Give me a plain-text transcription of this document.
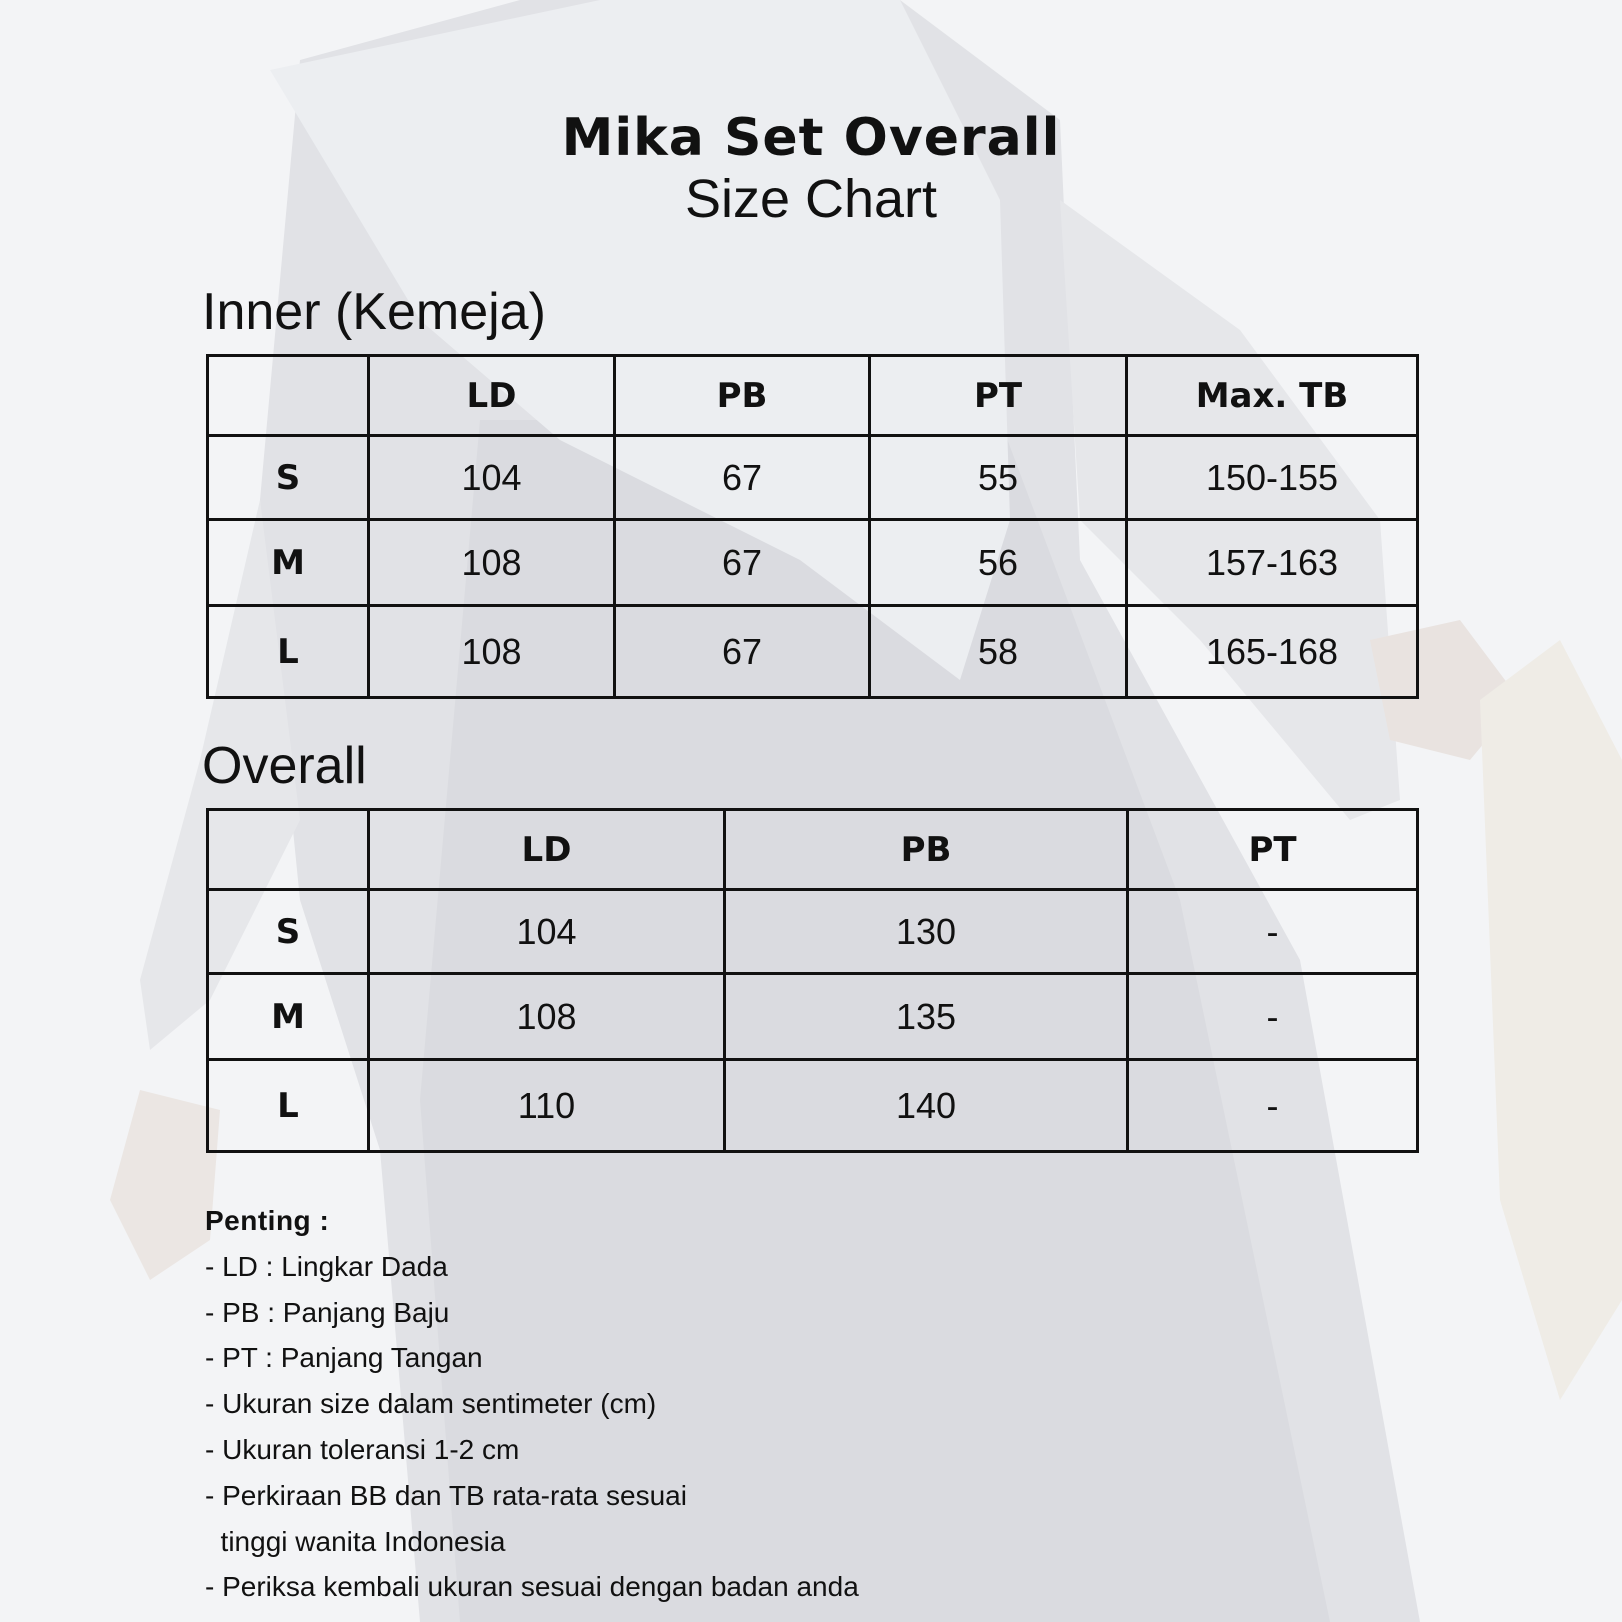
Mika Set Overall
Size Chart
Inner (Kemeja)
	LD	PB	PT	Max. TB
S	104	67	55	150-155
M	108	67	56	157-163
L	108	67	58	165-168
Overall
	LD	PB	PT
S	104	130	-
M	108	135	-
L	110	140	-
Penting :
- LD : Lingkar Dada
- PB : Panjang Baju
- PT : Panjang Tangan
- Ukuran size dalam sentimeter (cm)
- Ukuran toleransi 1-2 cm
- Perkiraan BB dan TB rata-rata sesuai
tinggi wanita Indonesia
- Periksa kembali ukuran sesuai dengan badan anda
